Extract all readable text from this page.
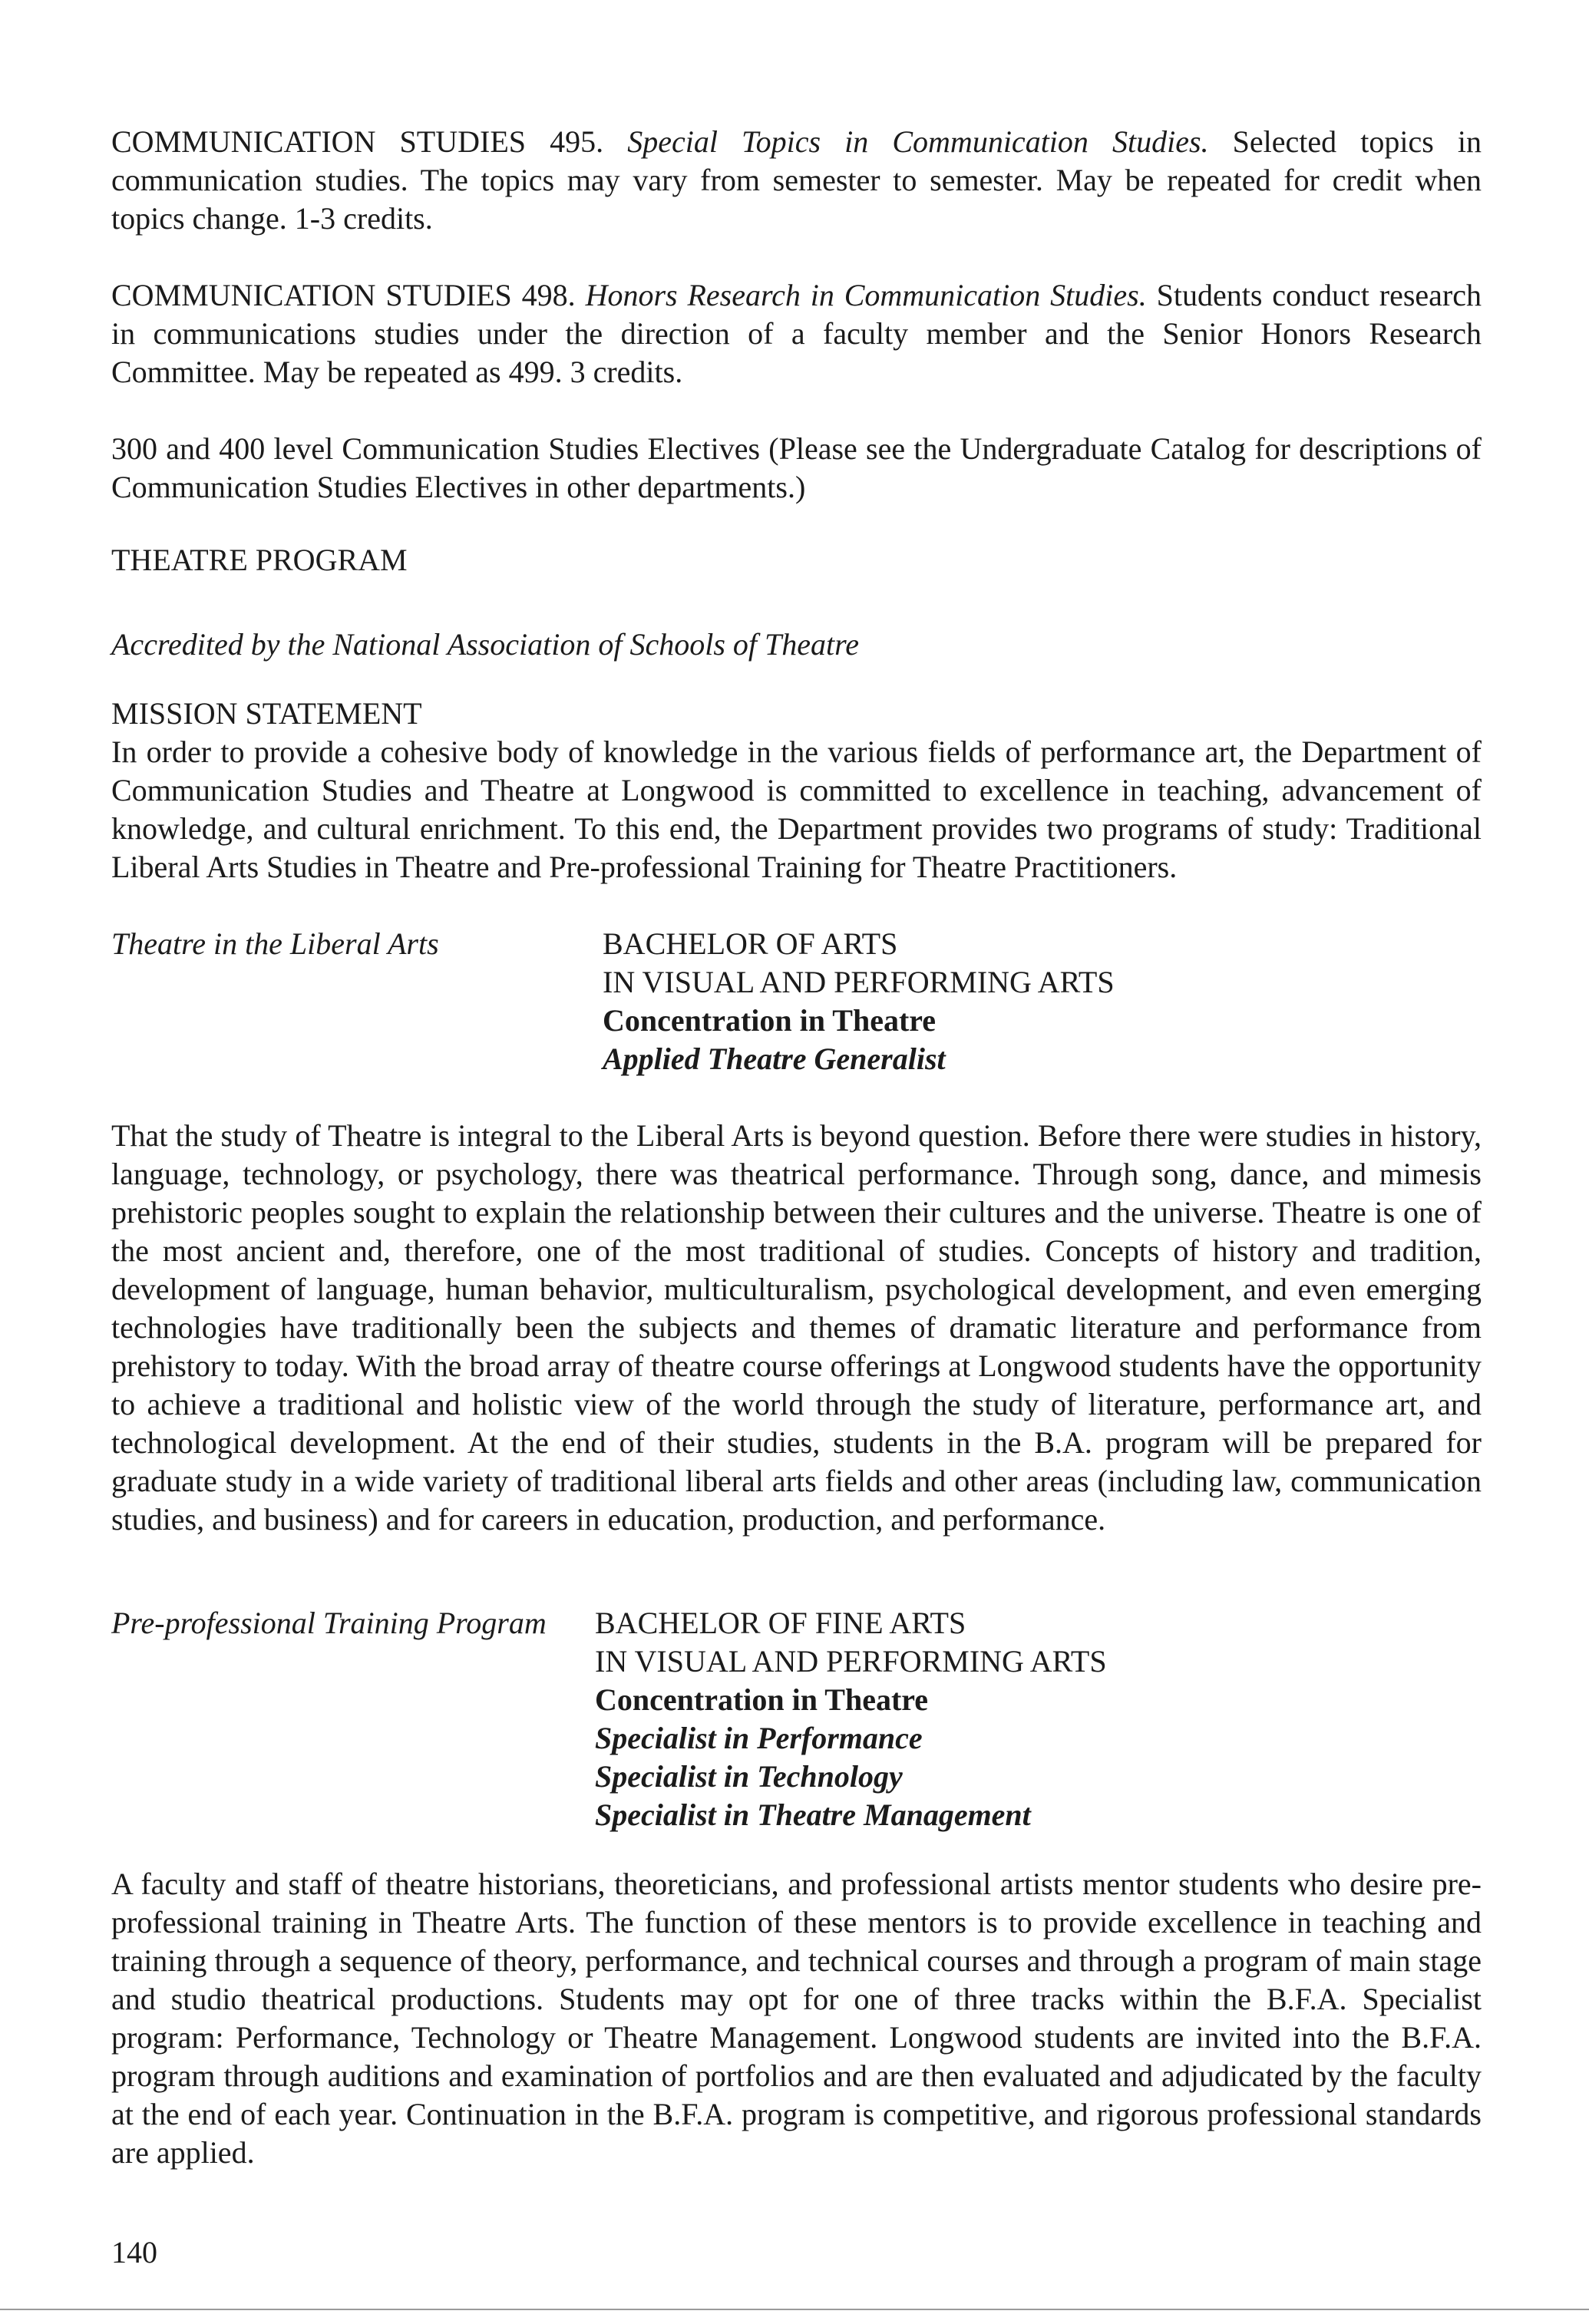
COMMUNICATION STUDIES 495. Special Topics in Communication Studies. Selected topics in communication studies. The topics may vary from semester to semester. May be repeated for credit when topics change. 1-3 credits.

COMMUNICATION STUDIES 498. Honors Research in Communication Studies. Students conduct research in communications studies under the direction of a faculty member and the Senior Honors Research Committee. May be repeated as 499. 3 credits.

300 and 400 level Communication Studies Electives (Please see the Undergraduate Catalog for descriptions of Communication Studies Electives in other departments.)

THEATRE PROGRAM

Accredited by the National Association of Schools of Theatre

MISSION STATEMENT

In order to provide a cohesive body of knowledge in the various fields of performance art, the Department of Communication Studies and Theatre at Longwood is committed to excellence in teaching, advancement of knowledge, and cultural enrichment. To this end, the Department provides two programs of study: Traditional Liberal Arts Studies in Theatre and Pre-professional Training for Theatre Practitioners.

Theatre in the Liberal Arts	BACHELOR OF ARTS
IN VISUAL AND PERFORMING ARTS
Concentration in Theatre
Applied Theatre Generalist

That the study of Theatre is integral to the Liberal Arts is beyond question. Before there were studies in history, language, technology, or psychology, there was theatrical performance. Through song, dance, and mimesis prehistoric peoples sought to explain the relationship between their cultures and the universe. Theatre is one of the most ancient and, therefore, one of the most traditional of studies. Concepts of history and tradition, development of language, human behavior, multiculturalism, psychological development, and even emerging technologies have traditionally been the subjects and themes of dramatic literature and performance from prehistory to today. With the broad array of theatre course offerings at Longwood students have the opportunity to achieve a traditional and holistic view of the world through the study of literature, performance art, and technological development. At the end of their studies, students in the B.A. program will be prepared for graduate study in a wide variety of traditional liberal arts fields and other areas (including law, communication studies, and business) and for careers in education, production, and performance.

Pre-professional Training Program BACHELOR OF FINE ARTS
IN VISUAL AND PERFORMING ARTS
Concentration in Theatre
Specialist in Performance
Specialist in Technology
Specialist in Theatre Management

A faculty and staff of theatre historians, theoreticians, and professional artists mentor students who desire pre-professional training in Theatre Arts. The function of these mentors is to provide excellence in teaching and training through a sequence of theory, performance, and technical courses and through a program of main stage and studio theatrical productions. Students may opt for one of three tracks within the B.F.A. Specialist program: Performance, Technology or Theatre Management. Longwood students are invited into the B.F.A. program through auditions and examination of portfolios and are then evaluated and adjudicated by the faculty at the end of each year. Continuation in the B.F.A. program is competitive, and rigorous professional standards are applied.

140
